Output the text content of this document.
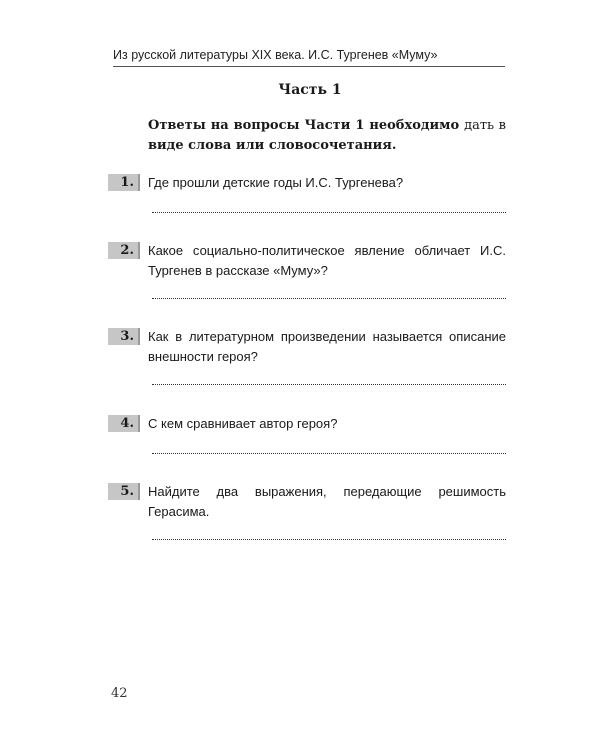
Из русской литературы XIX века. И.С. Тургенев «Муму»
Часть 1
Ответы на вопросы Части 1 необходимо дать в виде слова или словосочетания.
1.	Где прошли детские годы И.С. Тургенева?
2.	Какое социально-политическое явление обличает И.С. Тургенев в рассказе «Муму»?
3.	Как в литературном произведении называется описание внешности героя?
4.	С кем сравнивает автор героя?
5.	Найдите два выражения, передающие решимость Герасима.
42
